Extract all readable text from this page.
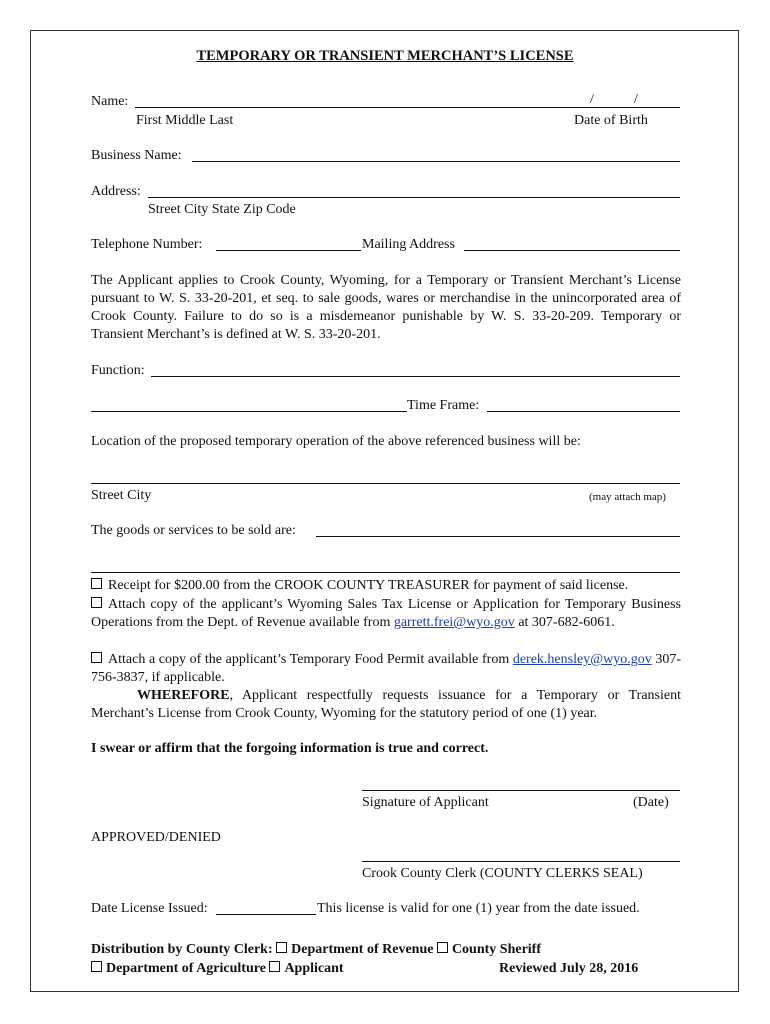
TEMPORARY OR TRANSIENT MERCHANT’S LICENSE
Name:	/	/
First Middle Last	Date of Birth
Business Name:
Address:
Street City State Zip Code
Telephone Number:	Mailing Address
The Applicant applies to Crook County, Wyoming, for a Temporary or Transient Merchant’s License pursuant to W. S. 33-20-201, et seq. to sale goods, wares or merchandise in the unincorporated area of Crook County. Failure to do so is a misdemeanor punishable by W. S. 33-20-209. Temporary or Transient Merchant’s is defined at W. S. 33-20-201.
Function:
Time Frame:
Location of the proposed temporary operation of the above referenced business will be:
Street City	(may attach map)
The goods or services to be sold are:
Receipt for $200.00 from the CROOK COUNTY TREASURER for payment of said license.
Attach copy of the applicant’s Wyoming Sales Tax License or Application for Temporary Business Operations from the Dept. of Revenue available from garrett.frei@wyo.gov at 307-682-6061.
Attach a copy of the applicant’s Temporary Food Permit available from derek.hensley@wyo.gov 307-756-3837, if applicable.
WHEREFORE, Applicant respectfully requests issuance for a Temporary or Transient Merchant’s License from Crook County, Wyoming for the statutory period of one (1) year.
I swear or affirm that the forgoing information is true and correct.
Signature of Applicant	(Date)
APPROVED/DENIED
Crook County Clerk (COUNTY CLERKS SEAL)
Date License Issued:	This license is valid for one (1) year from the date issued.
Distribution by County Clerk: Department of Revenue County Sheriff
Department of Agriculture Applicant	Reviewed July 28, 2016
